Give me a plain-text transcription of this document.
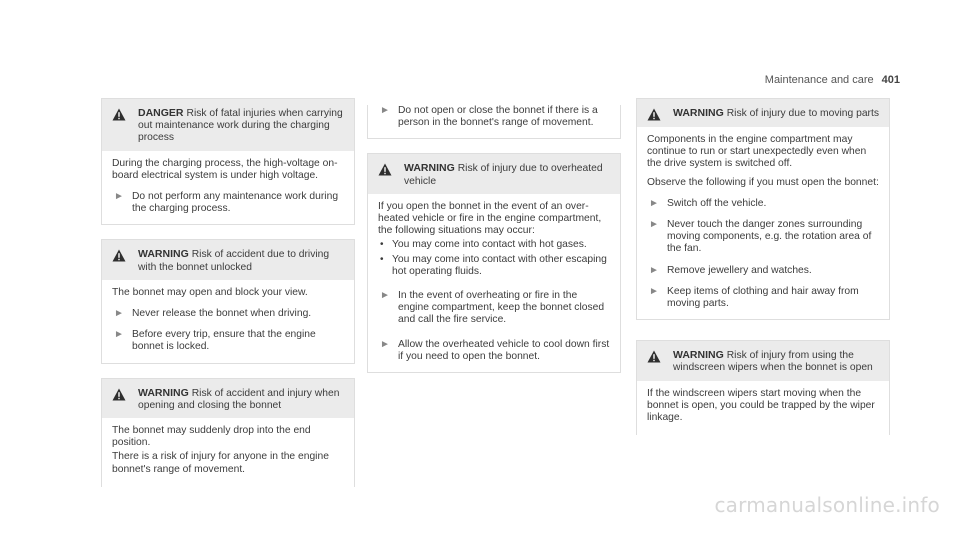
Maintenance and care 401
DANGER Risk of fatal injuries when carrying out maintenance work during the charging process

During the charging process, the high-voltage on-board electrical system is under high voltage.

► Do not perform any maintenance work during the charging process.
WARNING Risk of accident due to driving with the bonnet unlocked

The bonnet may open and block your view.

► Never release the bonnet when driving.
► Before every trip, ensure that the engine bonnet is locked.
WARNING Risk of accident and injury when opening and closing the bonnet

The bonnet may suddenly drop into the end position.

There is a risk of injury for anyone in the engine bonnet's range of movement.

► Do not open or close the bonnet if there is a person in the bonnet's range of movement.
WARNING Risk of injury due to overheated vehicle

If you open the bonnet in the event of an overheated vehicle or fire in the engine compartment, the following situations may occur:

• You may come into contact with hot gases.
• You may come into contact with other escaping hot operating fluids.
► In the event of overheating or fire in the engine compartment, keep the bonnet closed and call the fire service.
► Allow the overheated vehicle to cool down first if you need to open the bonnet.
WARNING Risk of injury due to moving parts

Components in the engine compartment may continue to run or start unexpectedly even when the drive system is switched off.

Observe the following if you must open the bonnet:

► Switch off the vehicle.
► Never touch the danger zones surrounding moving components, e.g. the rotation area of the fan.
► Remove jewellery and watches.
► Keep items of clothing and hair away from moving parts.
WARNING Risk of injury from using the windscreen wipers when the bonnet is open

If the windscreen wipers start moving when the bonnet is open, you could be trapped by the wiper linkage.

carmanualsonline.info
